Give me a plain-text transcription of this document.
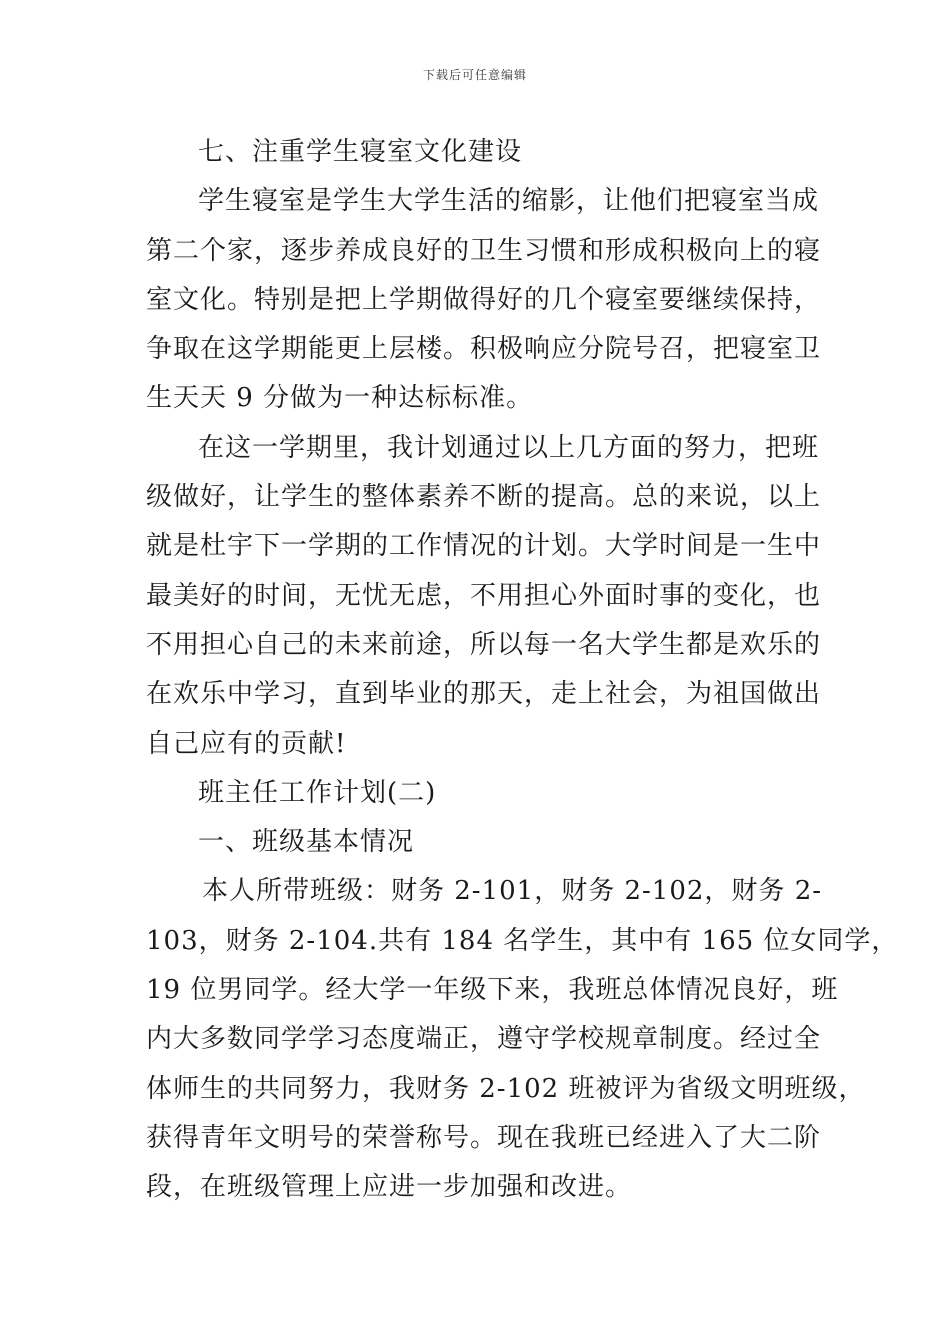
下载后可任意编辑
七、注重学生寝室文化建设
学生寝室是学生大学生活的缩影，让他们把寝室当成
第二个家，逐步养成良好的卫生习惯和形成积极向上的寝
室文化。特别是把上学期做得好的几个寝室要继续保持，
争取在这学期能更上层楼。积极响应分院号召，把寝室卫
生天天 9 分做为一种达标标准。
在这一学期里，我计划通过以上几方面的努力，把班
级做好，让学生的整体素养不断的提高。总的来说，以上
就是杜宇下一学期的工作情况的计划。大学时间是一生中
最美好的时间，无忧无虑，不用担心外面时事的变化，也
不用担心自己的未来前途，所以每一名大学生都是欢乐的
在欢乐中学习，直到毕业的那天，走上社会，为祖国做出
自己应有的贡献!
班主任工作计划(二)
一、班级基本情况
本人所带班级：财务 2-101，财务 2-102，财务 2-
103，财务 2-104.共有 184 名学生，其中有 165 位女同学，
19 位男同学。经大学一年级下来，我班总体情况良好，班
内大多数同学学习态度端正，遵守学校规章制度。经过全
体师生的共同努力，我财务 2-102 班被评为省级文明班级，
获得青年文明号的荣誉称号。现在我班已经进入了大二阶
段，在班级管理上应进一步加强和改进。
